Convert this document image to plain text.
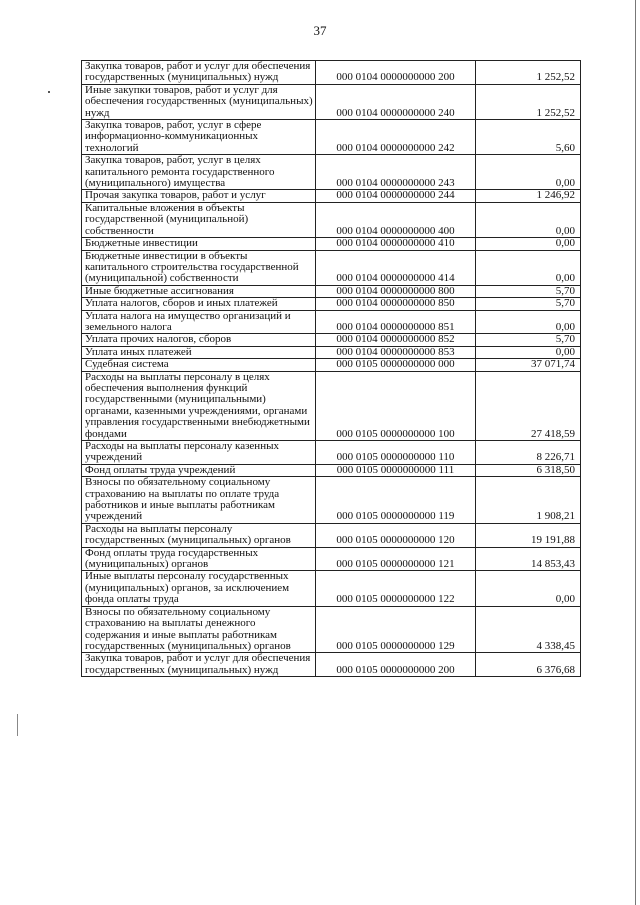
37
Закупка товаров, работ и услуг для обеспечения государственных (муниципальных) нужд	000 0104 0000000000 200	1 252,52
Иные закупки товаров, работ и услуг для обеспечения государственных (муниципальных) нужд	000 0104 0000000000 240	1 252,52
Закупка товаров, работ, услуг в сфере информационно-коммуникационных технологий	000 0104 0000000000 242	5,60
Закупка товаров, работ, услуг в целях капитального ремонта государственного (муниципального) имущества	000 0104 0000000000 243	0,00
Прочая закупка товаров, работ и услуг	000 0104 0000000000 244	1 246,92
Капитальные вложения в объекты государственной (муниципальной) собственности	000 0104 0000000000 400	0,00
Бюджетные инвестиции	000 0104 0000000000 410	0,00
Бюджетные инвестиции в объекты капитального строительства государственной (муниципальной) собственности	000 0104 0000000000 414	0,00
Иные бюджетные ассигнования	000 0104 0000000000 800	5,70
Уплата налогов, сборов и иных платежей	000 0104 0000000000 850	5,70
Уплата налога на имущество организаций и земельного налога	000 0104 0000000000 851	0,00
Уплата прочих налогов, сборов	000 0104 0000000000 852	5,70
Уплата иных платежей	000 0104 0000000000 853	0,00
Судебная система	000 0105 0000000000 000	37 071,74
Расходы на выплаты персоналу в целях обеспечения выполнения функций государственными (муниципальными) органами, казенными учреждениями, органами управления государственными внебюджетными фондами	000 0105 0000000000 100	27 418,59
Расходы на выплаты персоналу казенных учреждений	000 0105 0000000000 110	8 226,71
Фонд оплаты труда учреждений	000 0105 0000000000 111	6 318,50
Взносы по обязательному социальному страхованию на выплаты по оплате труда работников и иные выплаты работникам учреждений	000 0105 0000000000 119	1 908,21
Расходы на выплаты персоналу государственных (муниципальных) органов	000 0105 0000000000 120	19 191,88
Фонд оплаты труда государственных (муниципальных) органов	000 0105 0000000000 121	14 853,43
Иные выплаты персоналу государственных (муниципальных) органов, за исключением фонда оплаты труда	000 0105 0000000000 122	0,00
Взносы по обязательному социальному страхованию на выплаты денежного содержания и иные выплаты работникам государственных (муниципальных) органов	000 0105 0000000000 129	4 338,45
Закупка товаров, работ и услуг для обеспечения государственных (муниципальных) нужд	000 0105 0000000000 200	6 376,68
